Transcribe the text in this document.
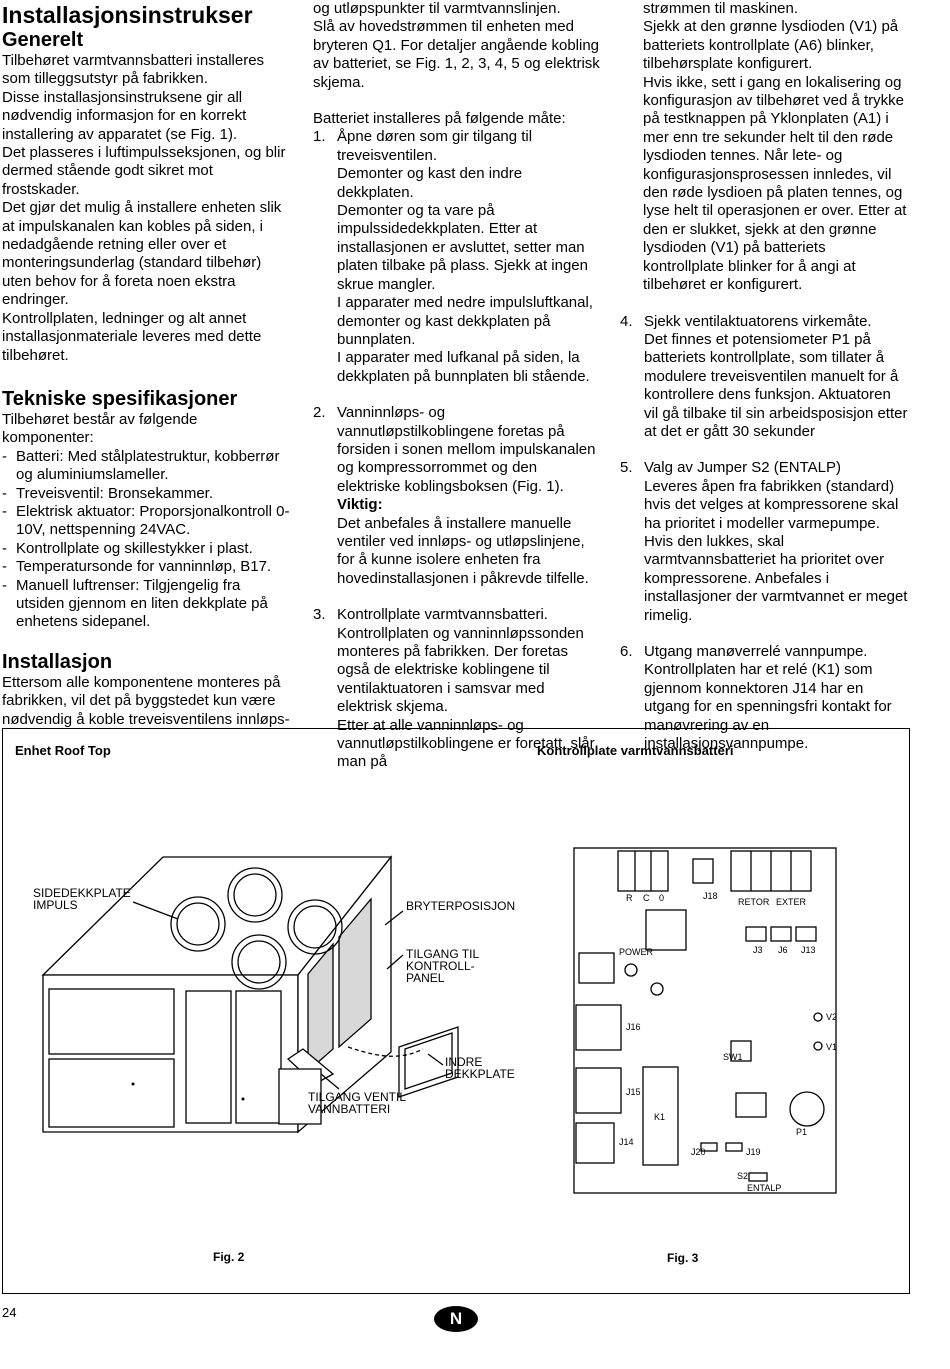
Installasjonsinstrukser
Generelt

Tilbehøret varmtvannsbatteri installeres som tilleggsutstyr på fabrikken.

Disse installasjonsinstruksene gir all nødvendig informasjon for en korrekt installering av apparatet (se Fig. 1).

Det plasseres i luftimpulsseksjonen, og blir dermed stående godt sikret mot frostskader.

Det gjør det mulig å installere enheten slik at impulskanalen kan kobles på siden, i nedadgående retning eller over et monteringsunderlag (standard tilbehør) uten behov for å foreta noen ekstra endringer.

Kontrollplaten, ledninger og alt annet installasjonmateriale leveres med dette tilbehøret.

Tekniske spesifikasjoner

Tilbehøret består av følgende komponenter:

- Batteri: Med stålplatestruktur, kobberrør og aluminiumslameller.
- Treveisventil: Bronsekammer.
- Elektrisk aktuator: Proporsjonalkontroll 0-10V, nettspenning 24VAC.
- Kontrollplate og skillestykker i plast.
- Temperatursonde for vanninnløp, B17.
- Manuell luftrenser: Tilgjengelig fra utsiden gjennom en liten dekkplate på enhetens sidepanel.
Installasjon

Ettersom alle komponentene monteres på fabrikken, vil det på byggstedet kun være nødvendig å koble treveisventilens innløps-

og utløpspunkter til varmtvannslinjen.

Slå av hovedstrømmen til enheten med bryteren Q1. For detaljer angående kobling av batteriet, se Fig. 1, 2, 3, 4, 5 og elektrisk skjema.

Batteriet installeres på følgende måte:

1. Åpne døren som gir tilgang til treveisventilen.

Demonter og kast den indre dekkplaten.

Demonter og ta vare på impulssidedekkplaten. Etter at installasjonen er avsluttet, setter man platen tilbake på plass. Sjekk at ingen skrue mangler.

I apparater med nedre impulsluftkanal, demonter og kast dekkplaten på bunnplaten.

I apparater med lufkanal på siden, la dekkplaten på bunnplaten bli stående.

2. Vanninnløps- og vannutløpstilkoblingene foretas på forsiden i sonen mellom impulskanalen og kompressorrommet og den elektriske koblingsboksen (Fig. 1).

Viktig:

Det anbefales å installere manuelle ventiler ved innløps- og utløpslinjene, for å kunne isolere enheten fra hovedinstallasjonen i påkrevde tilfelle.

3. Kontrollplate varmtvannsbatteri.

Kontrollplaten og vanninnløpssonden monteres på fabrikken. Der foretas også de elektriske koblingene til ventilaktuatoren i samsvar med elektrisk skjema.

Etter at alle vanninnløps- og vannutløpstilkoblingene er foretatt, slår man på

strømmen til maskinen.

Sjekk at den grønne lysdioden (V1) på batteriets kontrollplate (A6) blinker, tilbehørsplate konfigurert.

Hvis ikke, sett i gang en lokalisering og konfigurasjon av tilbehøret ved å trykke på testknappen på Yklonplaten (A1) i mer enn tre sekunder helt til den røde lysdioden tennes. Når lete- og konfigurasjonsprosessen innledes, vil den røde lysdioen på platen tennes, og lyse helt til operasjonen er over. Etter at den er slukket, sjekk at den grønne lysdioden (V1) på batteriets kontrollplate blinker for å angi at tilbehøret er konfigurert.

4. Sjekk ventilaktuatorens virkemåte.

Det finnes et potensiometer P1 på batteriets kontrollplate, som tillater å modulere treveisventilen manuelt for å kontrollere dens funksjon. Aktuatoren vil gå tilbake til sin arbeidsposisjon etter at det er gått 30 sekunder

5. Valg av Jumper S2 (ENTALP)

Leveres åpen fra fabrikken (standard) hvis det velges at kompressorene skal ha prioritet i modeller varmepumpe. Hvis den lukkes, skal varmtvannsbatteriet ha prioritet over kompressorene. Anbefales i installasjoner der varmtvannet er meget rimelig.

6. Utgang manøverrelé vannpumpe.

Kontrollplaten har et relé (K1) som gjennom konnektoren J14 har en utgang for en spenningsfri kontakt for manøvrering av en installasjonsvannpumpe.

Enhet Roof Top	Kontrollplate varmtvannsbatteri
Fig. 2	Fig. 3
SIDEDEKKPLATE
IMPULS	BRYTERPOSISJON
TILGANG TIL
KONTROLL-
PANEL
INDRE
DEKKPLATE
TILGANG VENTIL
VANNBATTERI
R C 0	J18
RETOR EXTER
J3 J6 J13
POWER
J16
SW1
J15
K1
J14
V2
V1
P1
J20	J19
S2
ENTALP
24	N
